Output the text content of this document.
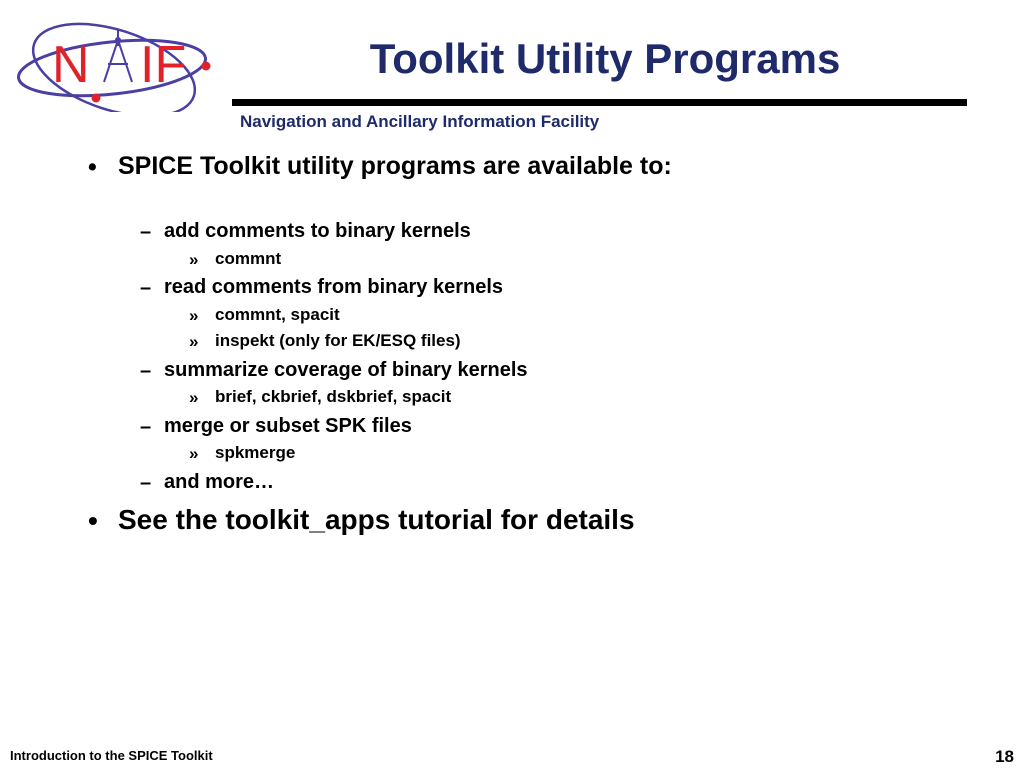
N IF	Toolkit Utility Programs
Navigation and Ancillary Information Facility
• SPICE Toolkit utility programs are available to:
– add comments to binary kernels
» commnt
– read comments from binary kernels
» commnt, spacit
» inspekt (only for EK/ESQ files)
– summarize coverage of binary kernels
» brief, ckbrief, dskbrief, spacit
– merge or subset SPK files
» spkmerge
– and more…
• See the toolkit_apps tutorial for details
Introduction to the SPICE Toolkit	18
